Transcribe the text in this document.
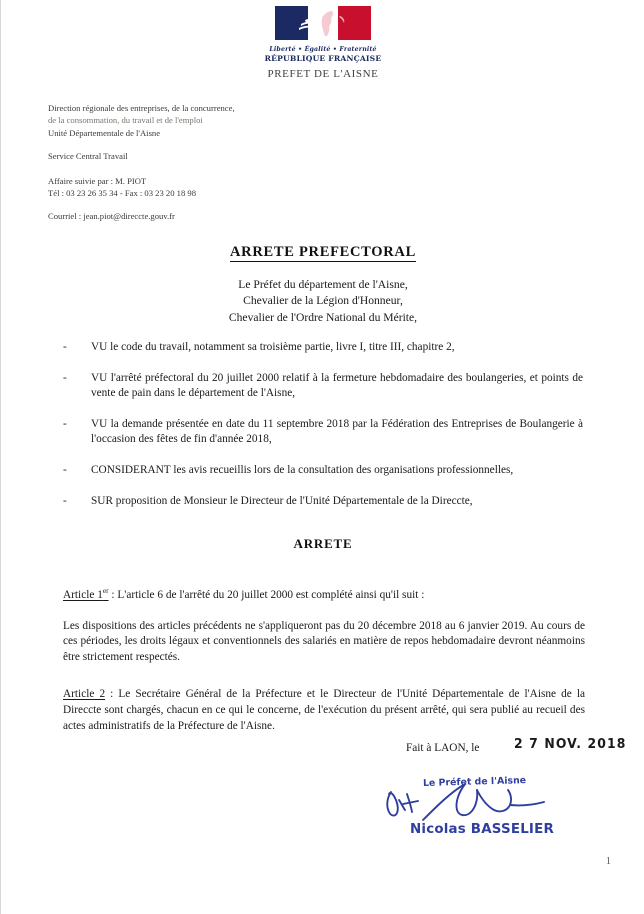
Liberté • Égalité • Fraternité
RÉPUBLIQUE FRANÇAISE
PREFET DE L'AISNE
Direction régionale des entreprises, de la concurrence,
de la consommation, du travail et de l'emploi
Unité Départementale de l'Aisne
Service Central Travail
Affaire suivie par : M. PIOT
Tél : 03 23 26 35 34 - Fax : 03 23 20 18 98
Courriel : jean.piot@direccte.gouv.fr
ARRETE PREFECTORAL
Le Préfet du département de l'Aisne,
Chevalier de la Légion d'Honneur,
Chevalier de l'Ordre National du Mérite,
-	VU le code du travail, notamment sa troisième partie, livre I, titre III, chapitre 2,
-	VU l'arrêté préfectoral du 20 juillet 2000 relatif à la fermeture hebdomadaire des boulangeries, et points de vente de pain dans le département de l'Aisne,
-	VU la demande présentée en date du 11 septembre 2018 par la Fédération des Entreprises de Boulangerie à l'occasion des fêtes de fin d'année 2018,
-	CONSIDERANT les avis recueillis lors de la consultation des organisations professionnelles,
-	SUR proposition de Monsieur le Directeur de l'Unité Départementale de la Direccte,
ARRETE

Article 1er : L'article 6 de l'arrêté du 20 juillet 2000 est complété ainsi qu'il suit :

Les dispositions des articles précédents ne s'appliqueront pas du 20 décembre 2018 au 6 janvier 2019. Au cours de ces périodes, les droits légaux et conventionnels des salariés en matière de repos hebdomadaire devront néanmoins être strictement respectés.

Article 2 : Le Secrétaire Général de la Préfecture et le Directeur de l'Unité Départementale de l'Aisne de la Direccte sont chargés, chacun en ce qui le concerne, de l'exécution du présent arrêté, qui sera publié au recueil des actes administratifs de la Préfecture de l'Aisne.

Fait à LAON, le	2 7 NOV. 2018
Le Préfet de l'Aisne
Nicolas BASSELIER
1
